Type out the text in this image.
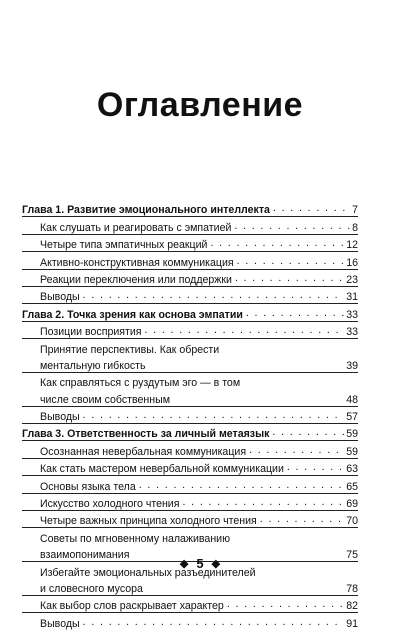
Оглавление
Глава 1. Развитие эмоционального интеллекта . . .	7
Как слушать и реагировать с эмпатией . . .	8
Четыре типа эмпатичных реакций . . .	12
Активно-конструктивная коммуникация . . .	16
Реакции переключения или поддержки . . .	23
Выводы . . .	31
Глава 2. Точка зрения как основа эмпатии . . .	33
Позиции восприятия . . .	33
Принятие перспективы. Как обрести
ментальную гибкость	39
Как справляться с руздутым эго — в том
числе своим собственным	48
Выводы . . .	57
Глава 3. Ответственность за личный метаязык . . .	59
Осознанная невербальная коммуникация . . .	59
Как стать мастером невербальной коммуникации . . .	63
Основы языка тела . . .	65
Искусство холодного чтения . . .	69
Четыре важных принципа холодного чтения . . .	70
Советы по мгновенному налаживанию
взаимопонимания	75
Избегайте эмоциональных разъединителей
и словесного мусора	78
Как выбор слов раскрывает характер . . .	82
Выводы . . .	91
◆ 5 ◆
